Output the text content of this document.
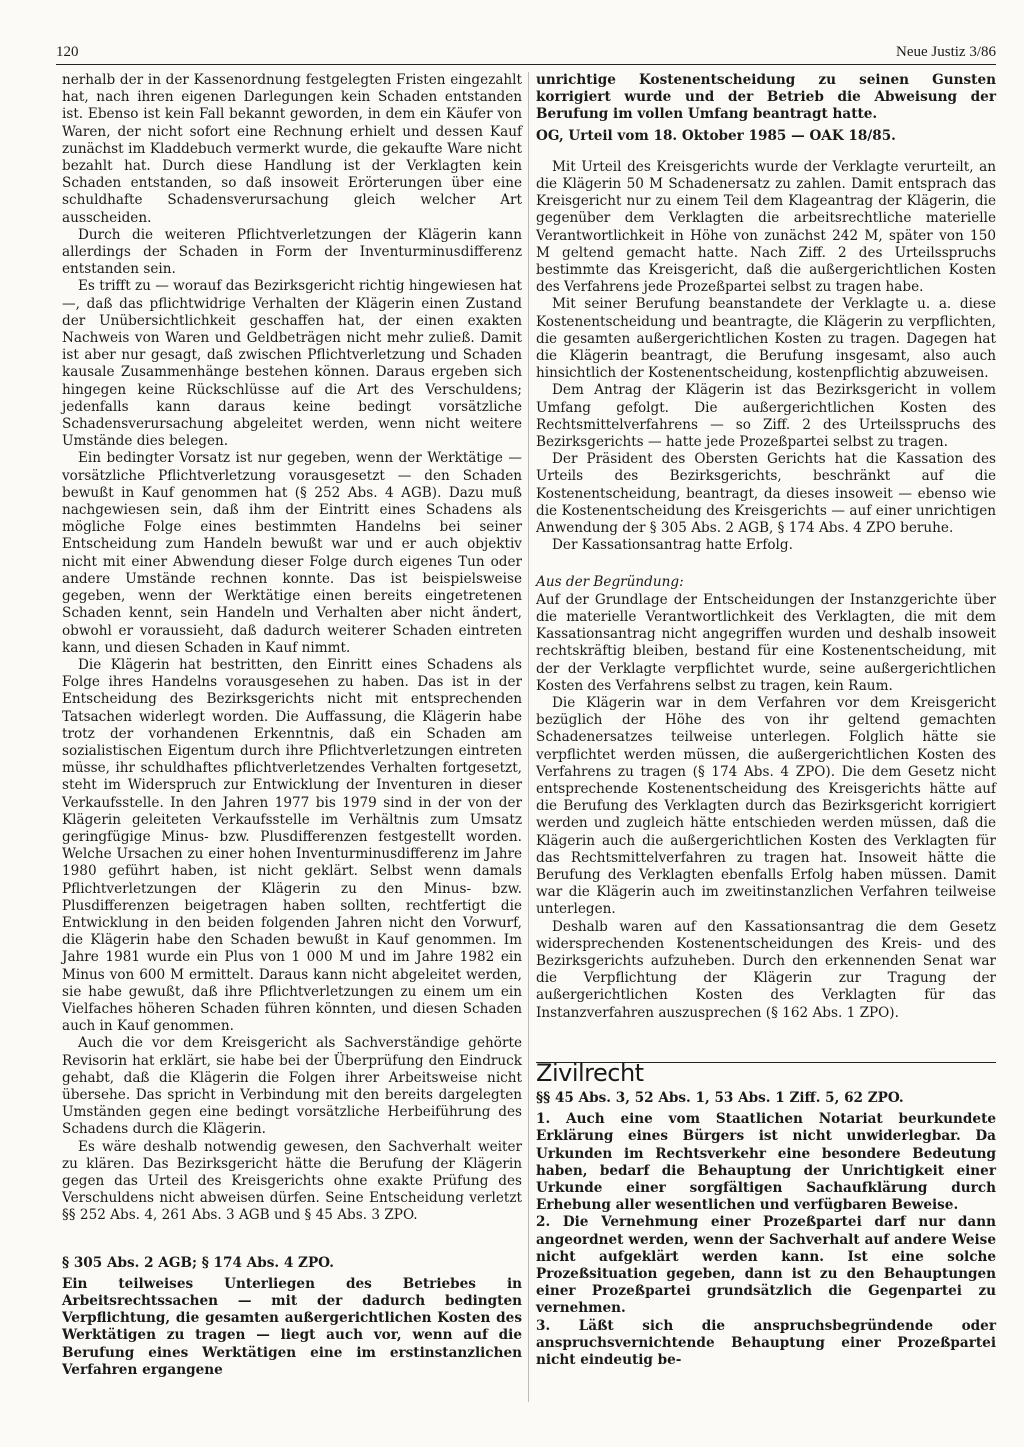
120	Neue Justiz 3/86

nerhalb der in der Kassenordnung festgelegten Fristen eingezahlt hat, nach ihren eigenen Darlegungen kein Schaden entstanden ist. Ebenso ist kein Fall bekannt geworden, in dem ein Käufer von Waren, der nicht sofort eine Rechnung erhielt und dessen Kauf zunächst im Kladdebuch vermerkt wurde, die gekaufte Ware nicht bezahlt hat. Durch diese Handlung ist der Verklagten kein Schaden entstanden, so daß insoweit Erörterungen über eine schuldhafte Schadensverursachung gleich welcher Art ausscheiden.

Durch die weiteren Pflichtverletzungen der Klägerin kann allerdings der Schaden in Form der Inventurminusdifferenz entstanden sein.

Es trifft zu — worauf das Bezirksgericht richtig hingewiesen hat —, daß das pflichtwidrige Verhalten der Klägerin einen Zustand der Unübersichtlichkeit geschaffen hat, der einen exakten Nachweis von Waren und Geldbeträgen nicht mehr zuließ. Damit ist aber nur gesagt, daß zwischen Pflichtverletzung und Schaden kausale Zusammenhänge bestehen können. Daraus ergeben sich hingegen keine Rückschlüsse auf die Art des Verschuldens; jedenfalls kann daraus keine bedingt vorsätzliche Schadensverursachung abgeleitet werden, wenn nicht weitere Umstände dies belegen.

Ein bedingter Vorsatz ist nur gegeben, wenn der Werktätige — vorsätzliche Pflichtverletzung vorausgesetzt — den Schaden bewußt in Kauf genommen hat (§ 252 Abs. 4 AGB). Dazu muß nachgewiesen sein, daß ihm der Eintritt eines Schadens als mögliche Folge eines bestimmten Handelns bei seiner Entscheidung zum Handeln bewußt war und er auch objektiv nicht mit einer Abwendung dieser Folge durch eigenes Tun oder andere Umstände rechnen konnte. Das ist beispielsweise gegeben, wenn der Werktätige einen bereits eingetretenen Schaden kennt, sein Handeln und Verhalten aber nicht ändert, obwohl er voraussieht, daß dadurch weiterer Schaden eintreten kann, und diesen Schaden in Kauf nimmt.

Die Klägerin hat bestritten, den Einritt eines Schadens als Folge ihres Handelns vorausgesehen zu haben. Das ist in der Entscheidung des Bezirksgerichts nicht mit entsprechenden Tatsachen widerlegt worden. Die Auffassung, die Klägerin habe trotz der vorhandenen Erkenntnis, daß ein Schaden am sozialistischen Eigentum durch ihre Pflichtverletzungen eintreten müsse, ihr schuldhaftes pflichtverletzendes Verhalten fortgesetzt, steht im Widerspruch zur Entwicklung der Inventuren in dieser Verkaufsstelle. In den Jahren 1977 bis 1979 sind in der von der Klägerin geleiteten Verkaufsstelle im Verhältnis zum Umsatz geringfügige Minus- bzw. Plusdifferenzen festgestellt worden. Welche Ursachen zu einer hohen Inventurminusdifferenz im Jahre 1980 geführt haben, ist nicht geklärt. Selbst wenn damals Pflichtverletzungen der Klägerin zu den Minus- bzw. Plusdifferenzen beigetragen haben sollten, rechtfertigt die Entwicklung in den beiden folgenden Jahren nicht den Vorwurf, die Klägerin habe den Schaden bewußt in Kauf genommen. Im Jahre 1981 wurde ein Plus von 1 000 M und im Jahre 1982 ein Minus von 600 M ermittelt. Daraus kann nicht abgeleitet werden, sie habe gewußt, daß ihre Pflichtverletzungen zu einem um ein Vielfaches höheren Schaden führen könnten, und diesen Schaden auch in Kauf genommen.

Auch die vor dem Kreisgericht als Sachverständige gehörte Revisorin hat erklärt, sie habe bei der Überprüfung den Eindruck gehabt, daß die Klägerin die Folgen ihrer Arbeitsweise nicht übersehe. Das spricht in Verbindung mit den bereits dargelegten Umständen gegen eine bedingt vorsätzliche Herbeiführung des Schadens durch die Klägerin.

Es wäre deshalb notwendig gewesen, den Sachverhalt weiter zu klären. Das Bezirksgericht hätte die Berufung der Klägerin gegen das Urteil des Kreisgerichts ohne exakte Prüfung des Verschuldens nicht abweisen dürfen. Seine Entscheidung verletzt §§ 252 Abs. 4, 261 Abs. 3 AGB und § 45 Abs. 3 ZPO.

§ 305 Abs. 2 AGB; § 174 Abs. 4 ZPO.

Ein teilweises Unterliegen des Betriebes in Arbeitsrechtssachen — mit der dadurch bedingten Verpflichtung, die gesamten außergerichtlichen Kosten des Werktätigen zu tragen — liegt auch vor, wenn auf die Berufung eines Werktätigen eine im erstinstanzlichen Verfahren ergangene

unrichtige Kostenentscheidung zu seinen Gunsten korrigiert wurde und der Betrieb die Abweisung der Berufung im vollen Umfang beantragt hatte.

OG, Urteil vom 18. Oktober 1985 — OAK 18/85.

Mit Urteil des Kreisgerichts wurde der Verklagte verurteilt, an die Klägerin 50 M Schadenersatz zu zahlen. Damit entsprach das Kreisgericht nur zu einem Teil dem Klageantrag der Klägerin, die gegenüber dem Verklagten die arbeitsrechtliche materielle Verantwortlichkeit in Höhe von zunächst 242 M, später von 150 M geltend gemacht hatte. Nach Ziff. 2 des Urteilsspruchs bestimmte das Kreisgericht, daß die außergerichtlichen Kosten des Verfahrens jede Prozeßpartei selbst zu tragen habe.

Mit seiner Berufung beanstandete der Verklagte u. a. diese Kostenentscheidung und beantragte, die Klägerin zu verpflichten, die gesamten außergerichtlichen Kosten zu tragen. Dagegen hat die Klägerin beantragt, die Berufung insgesamt, also auch hinsichtlich der Kostenentscheidung, kostenpflichtig abzuweisen.

Dem Antrag der Klägerin ist das Bezirksgericht in vollem Umfang gefolgt. Die außergerichtlichen Kosten des Rechtsmittelverfahrens — so Ziff. 2 des Urteilsspruchs des Bezirksgerichts — hatte jede Prozeßpartei selbst zu tragen.

Der Präsident des Obersten Gerichts hat die Kassation des Urteils des Bezirksgerichts, beschränkt auf die Kostenentscheidung, beantragt, da dieses insoweit — ebenso wie die Kostenentscheidung des Kreisgerichts — auf einer unrichtigen Anwendung der § 305 Abs. 2 AGB, § 174 Abs. 4 ZPO beruhe.

Der Kassationsantrag hatte Erfolg.

Aus der Begründung:

Auf der Grundlage der Entscheidungen der Instanzgerichte über die materielle Verantwortlichkeit des Verklagten, die mit dem Kassationsantrag nicht angegriffen wurden und deshalb insoweit rechtskräftig bleiben, bestand für eine Kostenentscheidung, mit der der Verklagte verpflichtet wurde, seine außergerichtlichen Kosten des Verfahrens selbst zu tragen, kein Raum.

Die Klägerin war in dem Verfahren vor dem Kreisgericht bezüglich der Höhe des von ihr geltend gemachten Schadenersatzes teilweise unterlegen. Folglich hätte sie verpflichtet werden müssen, die außergerichtlichen Kosten des Verfahrens zu tragen (§ 174 Abs. 4 ZPO). Die dem Gesetz nicht entsprechende Kostenentscheidung des Kreisgerichts hätte auf die Berufung des Verklagten durch das Bezirksgericht korrigiert werden und zugleich hätte entschieden werden müssen, daß die Klägerin auch die außergerichtlichen Kosten des Verklagten für das Rechtsmittelverfahren zu tragen hat. Insoweit hätte die Berufung des Verklagten ebenfalls Erfolg haben müssen. Damit war die Klägerin auch im zweitinstanzlichen Verfahren teilweise unterlegen.

Deshalb waren auf den Kassationsantrag die dem Gesetz widersprechenden Kostenentscheidungen des Kreis- und des Bezirksgerichts aufzuheben. Durch den erkennenden Senat war die Verpflichtung der Klägerin zur Tragung der außergerichtlichen Kosten des Verklagten für das Instanzverfahren auszusprechen (§ 162 Abs. 1 ZPO).

Zivilrecht

§§ 45 Abs. 3, 52 Abs. 1, 53 Abs. 1 Ziff. 5, 62 ZPO.

1. Auch eine vom Staatlichen Notariat beurkundete Erklärung eines Bürgers ist nicht unwiderlegbar. Da Urkunden im Rechtsverkehr eine besondere Bedeutung haben, bedarf die Behauptung der Unrichtigkeit einer Urkunde einer sorgfältigen Sachaufklärung durch Erhebung aller wesentlichen und verfügbaren Beweise.

2. Die Vernehmung einer Prozeßpartei darf nur dann angeordnet werden, wenn der Sachverhalt auf andere Weise nicht aufgeklärt werden kann. Ist eine solche Prozeßsituation gegeben, dann ist zu den Behauptungen einer Prozeßpartei grundsätzlich die Gegenpartei zu vernehmen.

3. Läßt sich die anspruchsbegründende oder anspruchsvernichtende Behauptung einer Prozeßpartei nicht eindeutig be-
